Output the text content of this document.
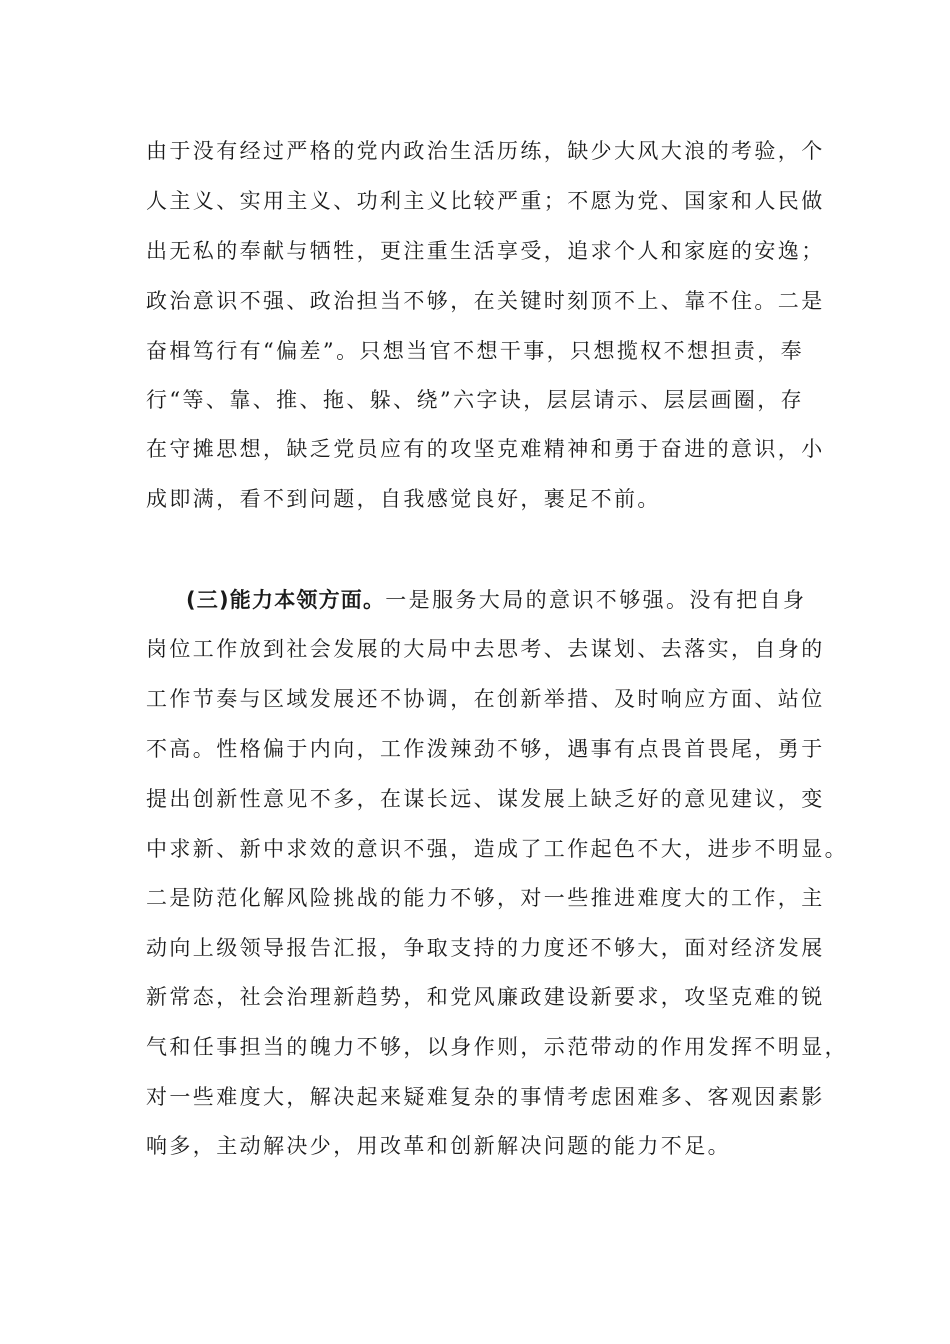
由于没有经过严格的党内政治生活历练，缺少大风大浪的考验，个
人主义、实用主义、功利主义比较严重；不愿为党、国家和人民做
出无私的奉献与牺牲，更注重生活享受，追求个人和家庭的安逸；
政治意识不强、政治担当不够，在关键时刻顶不上、靠不住。二是
奋楫笃行有“偏差”。只想当官不想干事，只想揽权不想担责，奉
行“等、靠、推、拖、躲、绕”六字诀，层层请示、层层画圈，存
在守摊思想，缺乏党员应有的攻坚克难精神和勇于奋进的意识，小
成即满，看不到问题，自我感觉良好，裹足不前。
(三)能力本领方面。一是服务大局的意识不够强。没有把自身
岗位工作放到社会发展的大局中去思考、去谋划、去落实，自身的
工作节奏与区域发展还不协调，在创新举措、及时响应方面、站位
不高。性格偏于内向，工作泼辣劲不够，遇事有点畏首畏尾，勇于
提出创新性意见不多，在谋长远、谋发展上缺乏好的意见建议，变
中求新、新中求效的意识不强，造成了工作起色不大，进步不明显。
二是防范化解风险挑战的能力不够，对一些推进难度大的工作，主
动向上级领导报告汇报，争取支持的力度还不够大，面对经济发展
新常态，社会治理新趋势，和党风廉政建设新要求，攻坚克难的锐
气和任事担当的魄力不够，以身作则，示范带动的作用发挥不明显，
对一些难度大，解决起来疑难复杂的事情考虑困难多、客观因素影
响多，主动解决少，用改革和创新解决问题的能力不足。
